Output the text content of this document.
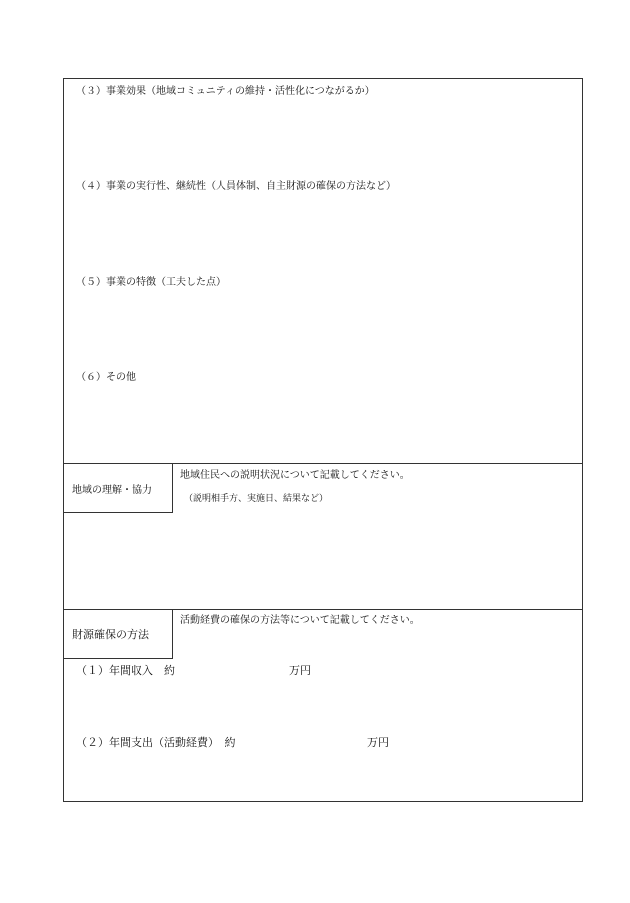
（３）事業効果（地域コミュニティの維持・活性化につながるか）
（４）事業の実行性、継続性（人員体制、自主財源の確保の方法など）
（５）事業の特徴（工夫した点）
（６）その他
地域の理解・協力
地域住民への説明状況について記載してください。
（説明相手方、実施日、結果など）
財源確保の方法
活動経費の確保の方法等について記載してください。
（１）年間収入　約	万円
（２）年間支出（活動経費）　約	万円
